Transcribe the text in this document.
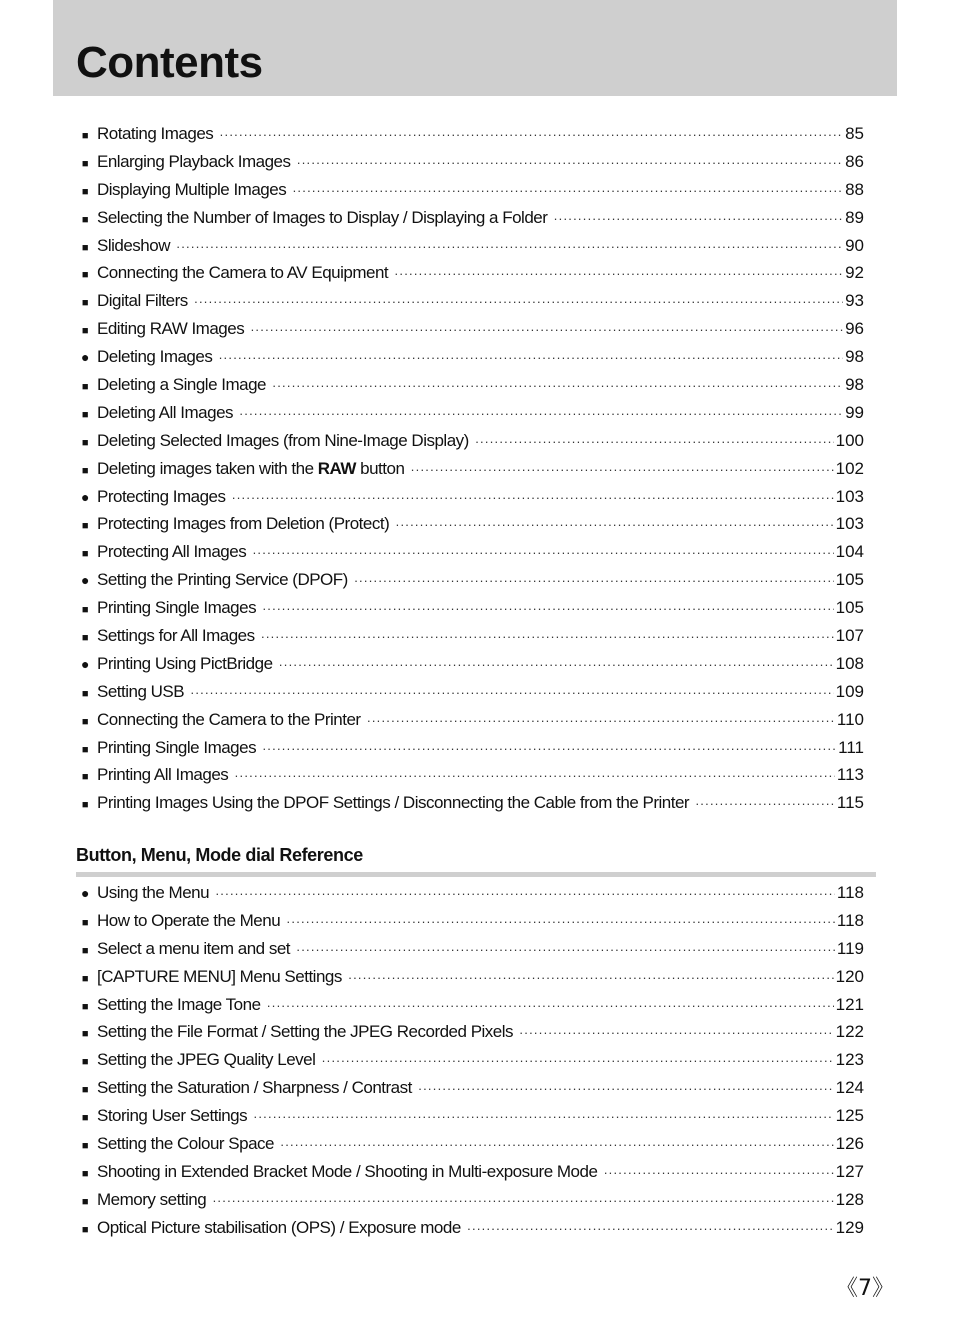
Contents
■ Rotating Images ·····	85
■ Enlarging Playback Images ·····	86
■ Displaying Multiple Images ·····	88
■ Selecting the Number of Images to Display / Displaying a Folder ·····	89
■ Slideshow ·····	90
■ Connecting the Camera to AV Equipment ·····	92
■ Digital Filters ·····	93
■ Editing RAW Images ·····	96
● Deleting Images ·····	98
■ Deleting a Single Image ·····	98
■ Deleting All Images ·····	99
■ Deleting Selected Images (from Nine-Image Display) ·····	100
■ Deleting images taken with the RAW button ·····	102
● Protecting Images ·····	103
■ Protecting Images from Deletion (Protect) ·····	103
■ Protecting All Images ·····	104
● Setting the Printing Service (DPOF) ·····	105
■ Printing Single Images ·····	105
■ Settings for All Images ·····	107
● Printing Using PictBridge ·····	108
■ Setting USB ·····	109
■ Connecting the Camera to the Printer ·····	110
■ Printing Single Images ·····	111
■ Printing All Images ·····	113
■ Printing Images Using the DPOF Settings / Disconnecting the Cable from the Printer ·····	115
Button, Menu, Mode dial Reference
● Using the Menu ·····	118
■ How to Operate the Menu ·····	118
■ Select a menu item and set ·····	119
■ [CAPTURE MENU] Menu Settings ·····	120
■ Setting the Image Tone ·····	121
■ Setting the File Format / Setting the JPEG Recorded Pixels ·····	122
■ Setting the JPEG Quality Level ·····	123
■ Setting the Saturation / Sharpness / Contrast ·····	124
■ Storing User Settings ·····	125
■ Setting the Colour Space ·····	126
■ Shooting in Extended Bracket Mode / Shooting in Multi-exposure Mode ·····	127
■ Memory setting ·····	128
■ Optical Picture stabilisation (OPS) / Exposure mode ·····	129
《7》
